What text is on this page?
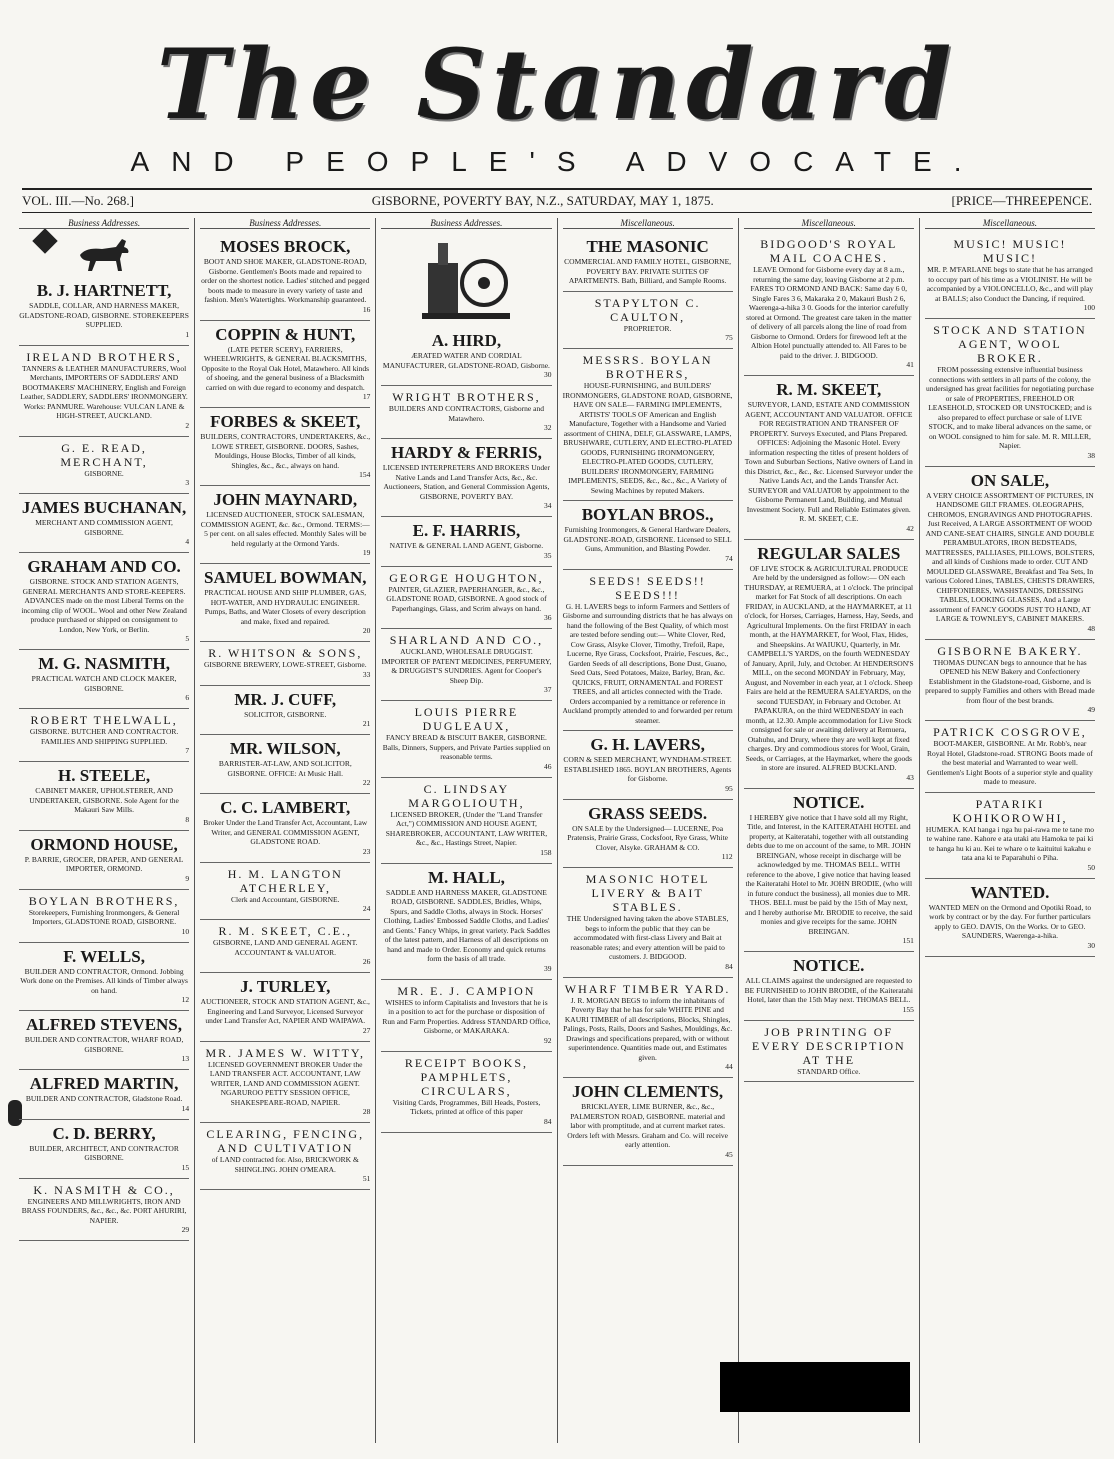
The Standard
AND PEOPLE'S ADVOCATE.
VOL. III.—No. 268.]	GISBORNE, POVERTY BAY, N.Z., SATURDAY, MAY 1, 1875.	[PRICE—THREEPENCE.
Business Addresses.
B. J. HARTNETT,
SADDLE, COLLAR, AND HARNESS MAKER, GLADSTONE-ROAD, GISBORNE. STOREKEEPERS SUPPLIED.
1
IRELAND BROTHERS,
TANNERS & LEATHER MANUFACTURERS, Wool Merchants, IMPORTERS OF SADDLERS' AND BOOTMAKERS' MACHINERY, English and Foreign Leather, SADDLERY, SADDLERS' IRONMONGERY. Works: PANMURE. Warehouse: VULCAN LANE & HIGH-STREET, AUCKLAND.
2
G. E. READ, MERCHANT,
GISBORNE.
3
JAMES BUCHANAN,
MERCHANT AND COMMISSION AGENT, GISBORNE.
4
GRAHAM AND CO.
GISBORNE. STOCK AND STATION AGENTS, GENERAL MERCHANTS AND STORE-KEEPERS. ADVANCES made on the most Liberal Terms on the incoming clip of WOOL. Wool and other New Zealand produce purchased or shipped on consignment to London, New York, or Berlin.
5
M. G. NASMITH,
PRACTICAL WATCH AND CLOCK MAKER, GISBORNE.
6
ROBERT THELWALL,
GISBORNE. BUTCHER AND CONTRACTOR. FAMILIES AND SHIPPING SUPPLIED.
7
H. STEELE,
CABINET MAKER, UPHOLSTERER, AND UNDERTAKER, GISBORNE. Sole Agent for the Makauri Saw Mills.
8
ORMOND HOUSE,
P. BARRIE, GROCER, DRAPER, AND GENERAL IMPORTER, ORMOND.
9
BOYLAN BROTHERS,
Storekeepers, Furnishing Ironmongers, & General Importers, GLADSTONE ROAD, GISBORNE.
10
F. WELLS,
BUILDER AND CONTRACTOR, Ormond. Jobbing Work done on the Premises. All kinds of Timber always on hand.
12
ALFRED STEVENS,
BUILDER AND CONTRACTOR, WHARF ROAD, GISBORNE.
13
ALFRED MARTIN,
BUILDER AND CONTRACTOR, Gladstone Road.
14
C. D. BERRY,
BUILDER, ARCHITECT, AND CONTRACTOR GISBORNE.
15
K. NASMITH & CO.,
ENGINEERS AND MILLWRIGHTS, IRON AND BRASS FOUNDERS, &c., &c., &c. PORT AHURIRI, NAPIER.
29
Business Addresses.
MOSES BROCK,
BOOT AND SHOE MAKER, GLADSTONE-ROAD, Gisborne. Gentlemen's Boots made and repaired to order on the shortest notice. Ladies' stitched and pegged boots made to measure in every variety of taste and fashion. Men's Watertights. Workmanship guaranteed.
16
COPPIN & HUNT,
(LATE PETER SCERY), FARRIERS, WHEELWRIGHTS, & GENERAL BLACKSMITHS, Opposite to the Royal Oak Hotel, Matawhero. All kinds of shoeing, and the general business of a Blacksmith carried on with due regard to economy and despatch.
17
FORBES & SKEET,
BUILDERS, CONTRACTORS, UNDERTAKERS, &c., LOWE STREET, GISBORNE. DOORS, Sashes, Mouldings, House Blocks, Timber of all kinds, Shingles, &c., &c., always on hand.
154
JOHN MAYNARD,
LICENSED AUCTIONEER, STOCK SALESMAN, COMMISSION AGENT, &c. &c., Ormond. TERMS:—5 per cent. on all sales effected. Monthly Sales will be held regularly at the Ormond Yards.
19
SAMUEL BOWMAN,
PRACTICAL HOUSE AND SHIP PLUMBER, GAS, HOT-WATER, AND HYDRAULIC ENGINEER. Pumps, Baths, and Water Closets of every description and make, fixed and repaired.
20
R. WHITSON & SONS,
GISBORNE BREWERY, LOWE-STREET, Gisborne.
33
MR. J. CUFF,
SOLICITOR, GISBORNE.
21
MR. WILSON,
BARRISTER-AT-LAW, AND SOLICITOR, GISBORNE. OFFICE: At Music Hall.
22
C. C. LAMBERT,
Broker Under the Land Transfer Act, Accountant, Law Writer, and GENERAL COMMISSION AGENT, GLADSTONE ROAD.
23
H. M. LANGTON ATCHERLEY,
Clerk and Accountant, GISBORNE.
24
R. M. SKEET, C.E.,
GISBORNE, LAND AND GENERAL AGENT. ACCOUNTANT & VALUATOR.
26
J. TURLEY,
AUCTIONEER, STOCK AND STATION AGENT, &c., Engineering and Land Surveyor, Licensed Surveyor under Land Transfer Act, NAPIER AND WAIPAWA.
27
MR. JAMES W. WITTY,
LICENSED GOVERNMENT BROKER Under the LAND TRANSFER ACT. ACCOUNTANT, LAW WRITER, LAND AND COMMISSION AGENT. NGARUROO PETTY SESSION OFFICE, SHAKESPEARE-ROAD, NAPIER.
28
CLEARING, FENCING, AND CULTIVATION
of LAND contracted for. Also, BRICKWORK & SHINGLING. JOHN O'MEARA.
51
Business Addresses.
A. HIRD,
ÆRATED WATER AND CORDIAL MANUFACTURER, GLADSTONE-ROAD, Gisborne.
30
WRIGHT BROTHERS,
BUILDERS AND CONTRACTORS, Gisborne and Matawhero.
32
HARDY & FERRIS,
LICENSED INTERPRETERS AND BROKERS Under Native Lands and Land Transfer Acts, &c., &c. Auctioneers, Station, and General Commission Agents, GISBORNE, POVERTY BAY.
34
E. F. HARRIS,
NATIVE & GENERAL LAND AGENT, Gisborne.
35
GEORGE HOUGHTON,
PAINTER, GLAZIER, PAPERHANGER, &c., &c., GLADSTONE ROAD, GISBORNE. A good stock of Paperhangings, Glass, and Scrim always on hand.
36
SHARLAND AND CO.,
AUCKLAND, WHOLESALE DRUGGIST. IMPORTER OF PATENT MEDICINES, PERFUMERY, & DRUGGIST'S SUNDRIES. Agent for Cooper's Sheep Dip.
37
LOUIS PIERRE DUGLEAUX,
FANCY BREAD & BISCUIT BAKER, GISBORNE. Balls, Dinners, Suppers, and Private Parties supplied on reasonable terms.
46
C. LINDSAY MARGOLIOUTH,
LICENSED BROKER, (Under the "Land Transfer Act,") COMMISSION AND HOUSE AGENT, SHAREBROKER, ACCOUNTANT, LAW WRITER, &c., &c., Hastings Street, Napier.
158
M. HALL,
SADDLE AND HARNESS MAKER, GLADSTONE ROAD, GISBORNE. SADDLES, Bridles, Whips, Spurs, and Saddle Cloths, always in Stock. Horses' Clothing, Ladies' Embossed Saddle Cloths, and Ladies' and Gents.' Fancy Whips, in great variety. Pack Saddles of the latest pattern, and Harness of all descriptions on hand and made to Order. Economy and quick returns form the basis of all trade.
39
MR. E. J. CAMPION
WISHES to inform Capitalists and Investors that he is in a position to act for the purchase or disposition of Run and Farm Properties. Address STANDARD Office, Gisborne, or MAKARAKA.
92
RECEIPT BOOKS, PAMPHLETS, CIRCULARS,
Visiting Cards, Programmes, Bill Heads, Posters, Tickets, printed at office of this paper
84
Miscellaneous.
THE MASONIC
COMMERCIAL AND FAMILY HOTEL, GISBORNE, POVERTY BAY. PRIVATE SUITES OF APARTMENTS. Bath, Billiard, and Sample Rooms.
STAPYLTON C. CAULTON,
PROPRIETOR.
75
MESSRS. BOYLAN BROTHERS,
HOUSE-FURNISHING, and BUILDERS' IRONMONGERS, GLADSTONE ROAD, GISBORNE, HAVE ON SALE— FARMING IMPLEMENTS, ARTISTS' TOOLS OF American and English Manufacture, Together with a Handsome and Varied assortment of CHINA, DELF, GLASSWARE, LAMPS, BRUSHWARE, CUTLERY, AND ELECTRO-PLATED GOODS, FURNISHING IRONMONGERY, ELECTRO-PLATED GOODS, CUTLERY, BUILDERS' IRONMONGERY, FARMING IMPLEMENTS, SEEDS, &c., &c., &c., A Variety of Sewing Machines by reputed Makers.
BOYLAN BROS.,
Furnishing Ironmongers, & General Hardware Dealers, GLADSTONE-ROAD, GISBORNE. Licensed to SELL Guns, Ammunition, and Blasting Powder.
74
SEEDS! SEEDS!! SEEDS!!!
G. H. LAVERS begs to inform Farmers and Settlers of Gisborne and surrounding districts that he has always on hand the following of the Best Quality, of which most are tested before sending out:— White Clover, Red, Cow Grass, Alsyke Clover, Timothy, Trefoil, Rape, Lucerne, Rye Grass, Cocksfoot, Prairie, Fescues, &c., Garden Seeds of all descriptions, Bone Dust, Guano, Seed Oats, Seed Potatoes, Maize, Barley, Bran, &c. QUICKS, FRUIT, ORNAMENTAL and FOREST TREES, and all articles connected with the Trade. Orders accompanied by a remittance or reference in Auckland promptly attended to and forwarded per return steamer.
G. H. LAVERS,
CORN & SEED MERCHANT, WYNDHAM-STREET. ESTABLISHED 1865. BOYLAN BROTHERS, Agents for Gisborne.
95
GRASS SEEDS.
ON SALE by the Undersigned— LUCERNE, Poa Pratensis, Prairie Grass, Cocksfoot, Rye Grass, White Clover, Alsyke. GRAHAM & CO.
112
MASONIC HOTEL LIVERY & BAIT STABLES.
THE Undersigned having taken the above STABLES, begs to inform the public that they can be accommodated with first-class Livery and Bait at reasonable rates; and every attention will be paid to customers. J. BIDGOOD.
84
WHARF TIMBER YARD.
J. R. MORGAN BEGS to inform the inhabitants of Poverty Bay that he has for sale WHITE PINE and KAURI TIMBER of all descriptions, Blocks, Shingles, Palings, Posts, Rails, Doors and Sashes, Mouldings, &c. Drawings and specifications prepared, with or without superintendence. Quantities made out, and Estimates given.
44
JOHN CLEMENTS,
BRICKLAYER, LIME BURNER, &c., &c., PALMERSTON ROAD, GISBORNE. material and labor with promptitude, and at current market rates. Orders left with Messrs. Graham and Co. will receive early attention.
45
Miscellaneous.
BIDGOOD'S ROYAL MAIL COACHES.
LEAVE Ormond for Gisborne every day at 8 a.m., returning the same day, leaving Gisborne at 2 p.m. FARES TO ORMOND AND BACK: Same day 6 0, Single Fares 3 6, Makaraka 2 0, Makauri Bush 2 6, Waerenga-a-hika 3 0. Goods for the interior carefully stored at Ormond. The greatest care taken in the matter of delivery of all parcels along the line of road from Gisborne to Ormond. Orders for firewood left at the Albion Hotel punctually attended to. All Fares to be paid to the driver. J. BIDGOOD.
41
R. M. SKEET,
SURVEYOR, LAND, ESTATE AND COMMISSION AGENT, ACCOUNTANT AND VALUATOR. OFFICE FOR REGISTRATION AND TRANSFER OF PROPERTY. Surveys Executed, and Plans Prepared. OFFICES: Adjoining the Masonic Hotel. Every information respecting the titles of present holders of Town and Suburban Sections, Native owners of Land in this District, &c., &c., &c. Licensed Surveyor under the Native Lands Act, and the Lands Transfer Act. SURVEYOR and VALUATOR by appointment to the Gisborne Permanent Land, Building, and Mutual Investment Society. Full and Reliable Estimates given. R. M. SKEET, C.E.
42
REGULAR SALES
OF LIVE STOCK & AGRICULTURAL PRODUCE Are held by the undersigned as follow:— ON each THURSDAY, at REMUERA, at 1 o'clock. The principal market for Fat Stock of all descriptions. On each FRIDAY, in AUCKLAND, at the HAYMARKET, at 11 o'clock, for Horses, Carriages, Harness, Hay, Seeds, and Agricultural Implements. On the first FRIDAY in each month, at the HAYMARKET, for Wool, Flax, Hides, and Sheepskins. At WAIUKU, Quarterly, in Mr. CAMPBELL'S YARDS, on the fourth WEDNESDAY of January, April, July, and October. At HENDERSON'S MILL, on the second MONDAY in February, May, August, and November in each year, at 1 o'clock. Sheep Fairs are held at the REMUERA SALEYARDS, on the second TUESDAY, in February and October. At PAPAKURA, on the third WEDNESDAY in each month, at 12.30. Ample accommodation for Live Stock consigned for sale or awaiting delivery at Remuera, Otahuhu, and Drury, where they are well kept at fixed charges. Dry and commodious stores for Wool, Grain, Seeds, or Carriages, at the Haymarket, where the goods in store are insured. ALFRED BUCKLAND.
43
NOTICE.
I HEREBY give notice that I have sold all my Right, Title, and Interest, in the KAITERATAHI HOTEL and property, at Kaiteratahi, together with all outstanding debts due to me on account of the same, to MR. JOHN BREINGAN, whose receipt in discharge will be acknowledged by me. THOMAS BELL. WITH reference to the above, I give notice that having leased the Kaiteratahi Hotel to Mr. JOHN BRODIE, (who will in future conduct the business), all monies due to MR. THOS. BELL must be paid by the 15th of May next, and I hereby authorise Mr. BRODIE to receive, the said monies and give receipts for the same. JOHN BREINGAN.
151
NOTICE.
ALL CLAIMS against the undersigned are requested to BE FURNISHED to JOHN BRODIE, of the Kaiteratahi Hotel, later than the 15th May next. THOMAS BELL.
155
JOB PRINTING OF EVERY DESCRIPTION AT THE
STANDARD Office.
Miscellaneous.
MUSIC! MUSIC! MUSIC!
MR. P. M'FARLANE begs to state that he has arranged to occupy part of his time as a VIOLINIST. He will be accompanied by a VIOLONCELLO, &c., and will play at BALLS; also Conduct the Dancing, if required.
100
STOCK AND STATION AGENT, WOOL BROKER.
FROM possessing extensive influential business connections with settlers in all parts of the colony, the undersigned has great facilities for negotiating purchase or sale of PROPERTIES, FREEHOLD OR LEASEHOLD, STOCKED OR UNSTOCKED; and is also prepared to effect purchase or sale of LIVE STOCK, and to make liberal advances on the same, or on WOOL consigned to him for sale. M. R. MILLER, Napier.
38
ON SALE,
A VERY CHOICE ASSORTMENT OF PICTURES, IN HANDSOME GILT FRAMES. OLEOGRAPHS, CHROMOS, ENGRAVINGS AND PHOTOGRAPHS. Just Received, A LARGE ASSORTMENT OF WOOD AND CANE-SEAT CHAIRS, SINGLE AND DOUBLE PERAMBULATORS, IRON BEDSTEADS, MATTRESSES, PALLIASES, PILLOWS, BOLSTERS, and all kinds of Cushions made to order. CUT AND MOULDED GLASSWARE, Breakfast and Tea Sets, In various Colored Lines, TABLES, CHESTS DRAWERS, CHIFFONIERES, WASHSTANDS, DRESSING TABLES, LOOKING GLASSES, And a Large assortment of FANCY GOODS JUST TO HAND, AT LARGE & TOWNLEY'S, CABINET MAKERS.
48
GISBORNE BAKERY.
THOMAS DUNCAN begs to announce that he has OPENED his NEW Bakery and Confectionery Establishment in the Gladstone-road, Gisborne, and is prepared to supply Families and others with Bread made from flour of the best brands.
49
PATRICK COSGROVE,
BOOT-MAKER, GISBORNE. At Mr. Robb's, near Royal Hotel, Gladstone-road. STRONG Boots made of the best material and Warranted to wear well. Gentlemen's Light Boots of a superior style and quality made to measure.
PATARIKI KOHIKOROWHI,
HUMEKA. KAI hanga i nga hu pai-rawa me te tane mo te wahine rane. Kahore e ata utaki atu Hamoka te pai ki te hanga hu ki au. Kei te whare o te kaituitui kakahu e tata ana ki te Paparahuhi o Piha.
50
WANTED.
WANTED MEN on the Ormond and Opotiki Road, to work by contract or by the day. For further particulars apply to GEO. DAVIS, On the Works. Or to GEO. SAUNDERS, Waerenga-a-hika.
30
